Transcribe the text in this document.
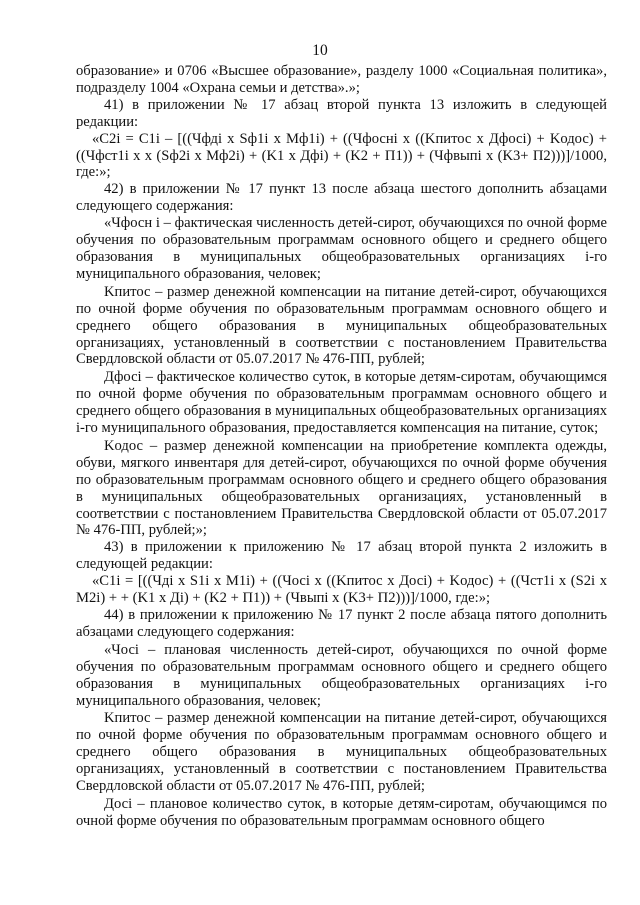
10

образование» и 0706 «Высшее образование», разделу 1000 «Социальная политика», подразделу 1004 «Охрана семьи и детства».»;

41) в приложении № 17 абзац второй пункта 13 изложить в следующей редакции:

«C2i = C1i – [((Чфдi x Sф1i x Mф1i) + ((Чфоснi x ((Kпитос x Дфосi) + Kодос) + ((Чфст1i x x (Sф2i x Mф2i) + (K1 x Дфi) + (K2 + П1)) + (Чфвыпi x (K3+ П2)))]/1000, где:»;

42) в приложении № 17 пункт 13 после абзаца шестого дополнить абзацами следующего содержания:

«Чфосн i – фактическая численность детей-сирот, обучающихся по очной форме обучения по образовательным программам основного общего и среднего общего образования в муниципальных общеобразовательных организациях i-го муниципального образования, человек;

Kпитос – размер денежной компенсации на питание детей-сирот, обучающихся по очной форме обучения по образовательным программам основного общего и среднего общего образования в муниципальных общеобразовательных организациях, установленный в соответствии с постановлением Правительства Свердловской области от 05.07.2017 № 476-ПП, рублей;

Дфосi – фактическое количество суток, в которые детям-сиротам, обучающимся по очной форме обучения по образовательным программам основного общего и среднего общего образования в муниципальных общеобразовательных организациях i-го муниципального образования, предоставляется компенсация на питание, суток;

Kодос – размер денежной компенсации на приобретение комплекта одежды, обуви, мягкого инвентаря для детей-сирот, обучающихся по очной форме обучения по образовательным программам основного общего и среднего общего образования в муниципальных общеобразовательных организациях, установленный в соответствии с постановлением Правительства Свердловской области от 05.07.2017 № 476-ПП, рублей;»;

43) в приложении к приложению № 17 абзац второй пункта 2 изложить в следующей редакции:

«C1i = [((Чдi x S1i x M1i) + ((Чосi x ((Kпитос x Досi) + Kодос) + ((Чст1i x (S2i x M2i) + + (K1 x Дi) + (K2 + П1)) + (Чвыпi x (K3+ П2)))]/1000, где:»;

44) в приложении к приложению № 17 пункт 2 после абзаца пятого дополнить абзацами следующего содержания:

«Чосi – плановая численность детей-сирот, обучающихся по очной форме обучения по образовательным программам основного общего и среднего общего образования в муниципальных общеобразовательных организациях i-го муниципального образования, человек;

Kпитос – размер денежной компенсации на питание детей-сирот, обучающихся по очной форме обучения по образовательным программам основного общего и среднего общего образования в муниципальных общеобразовательных организациях, установленный в соответствии с постановлением Правительства Свердловской области от 05.07.2017 № 476-ПП, рублей;

Досi – плановое количество суток, в которые детям-сиротам, обучающимся по очной форме обучения по образовательным программам основного общего
